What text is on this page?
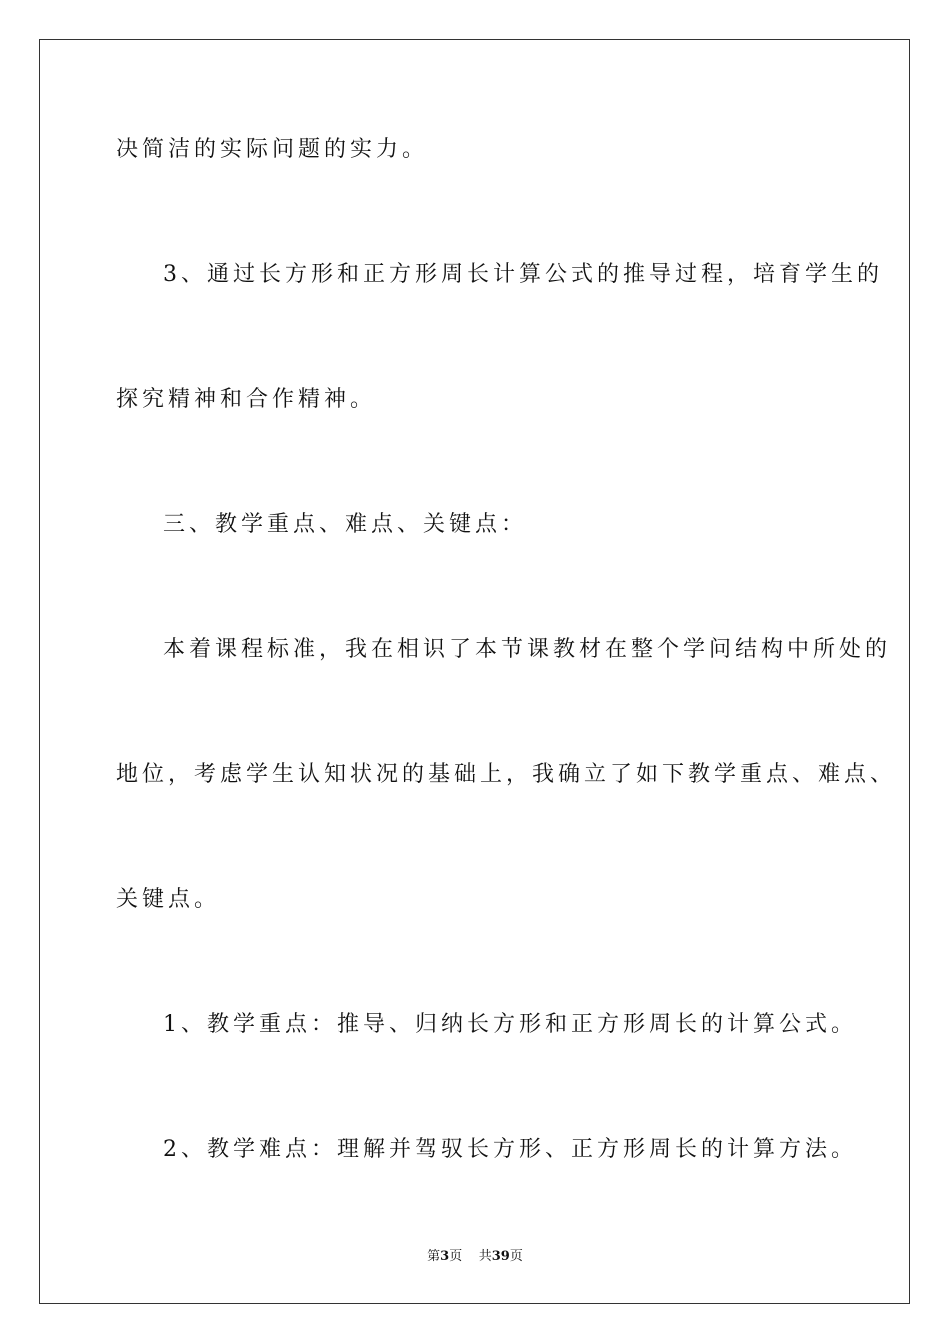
决简洁的实际问题的实力。
3、通过长方形和正方形周长计算公式的推导过程，培育学生的
探究精神和合作精神。
三、教学重点、难点、关键点：
本着课程标准，我在相识了本节课教材在整个学问结构中所处的
地位，考虑学生认知状况的基础上，我确立了如下教学重点、难点、
关键点。
1、教学重点：推导、归纳长方形和正方形周长的计算公式。
2、教学难点：理解并驾驭长方形、正方形周长的计算方法。
第3页 共39页
